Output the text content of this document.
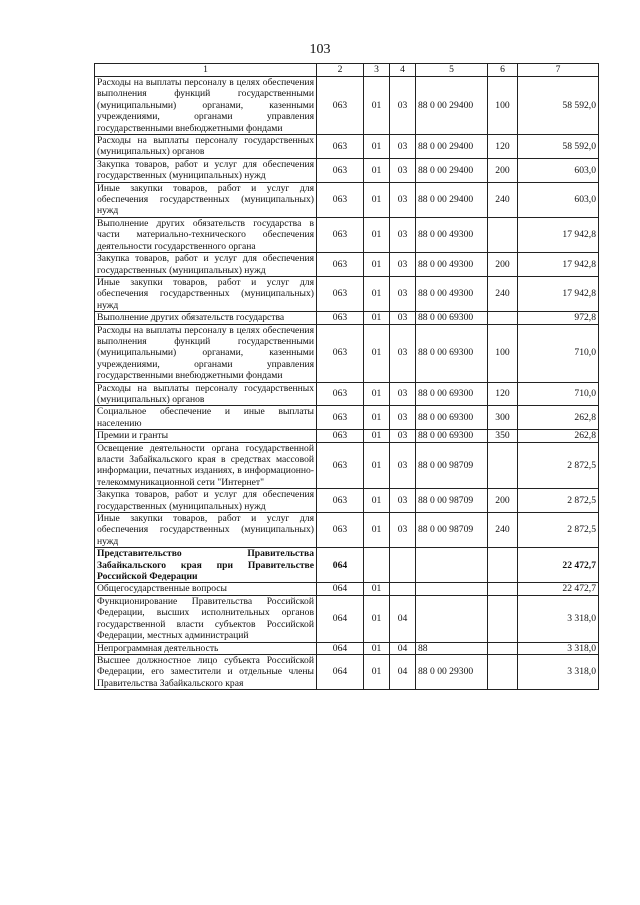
103
1	2	3	4	5	6	7
Расходы на выплаты персоналу в целях обеспечения выполнения функций государственными (муниципальными) органами, казенными учреждениями, органами управления государственными внебюджетными фондами	063	01	03	88 0 00 29400	100	58 592,0
Расходы на выплаты персоналу государственных (муниципальных) органов	063	01	03	88 0 00 29400	120	58 592,0
Закупка товаров, работ и услуг для обеспечения государственных (муниципальных) нужд	063	01	03	88 0 00 29400	200	603,0
Иные закупки товаров, работ и услуг для обеспечения государственных (муниципальных) нужд	063	01	03	88 0 00 29400	240	603,0
Выполнение других обязательств государства в части материально-технического обеспечения деятельности государственного органа	063	01	03	88 0 00 49300		17 942,8
Закупка товаров, работ и услуг для обеспечения государственных (муниципальных) нужд	063	01	03	88 0 00 49300	200	17 942,8
Иные закупки товаров, работ и услуг для обеспечения государственных (муниципальных) нужд	063	01	03	88 0 00 49300	240	17 942,8
Выполнение других обязательств государства	063	01	03	88 0 00 69300		972,8
Расходы на выплаты персоналу в целях обеспечения выполнения функций государственными (муниципальными) органами, казенными учреждениями, органами управления государственными внебюджетными фондами	063	01	03	88 0 00 69300	100	710,0
Расходы на выплаты персоналу государственных (муниципальных) органов	063	01	03	88 0 00 69300	120	710,0
Социальное обеспечение и иные выплаты населению	063	01	03	88 0 00 69300	300	262,8
Премии и гранты	063	01	03	88 0 00 69300	350	262,8
Освещение деятельности органа государственной власти Забайкальского края в средствах массовой информации, печатных изданиях, в информационно-телекоммуникационной сети "Интернет"	063	01	03	88 0 00 98709		2 872,5
Закупка товаров, работ и услуг для обеспечения государственных (муниципальных) нужд	063	01	03	88 0 00 98709	200	2 872,5
Иные закупки товаров, работ и услуг для обеспечения государственных (муниципальных) нужд	063	01	03	88 0 00 98709	240	2 872,5
Представительство Правительства Забайкальского края при Правительстве Российской Федерации	064					22 472,7
Общегосударственные вопросы	064	01				22 472,7
Функционирование Правительства Российской Федерации, высших исполнительных органов государственной власти субъектов Российской Федерации, местных администраций	064	01	04			3 318,0
Непрограммная деятельность	064	01	04	88		3 318,0
Высшее должностное лицо субъекта Российской Федерации, его заместители и отдельные члены Правительства Забайкальского края	064	01	04	88 0 00 29300		3 318,0
